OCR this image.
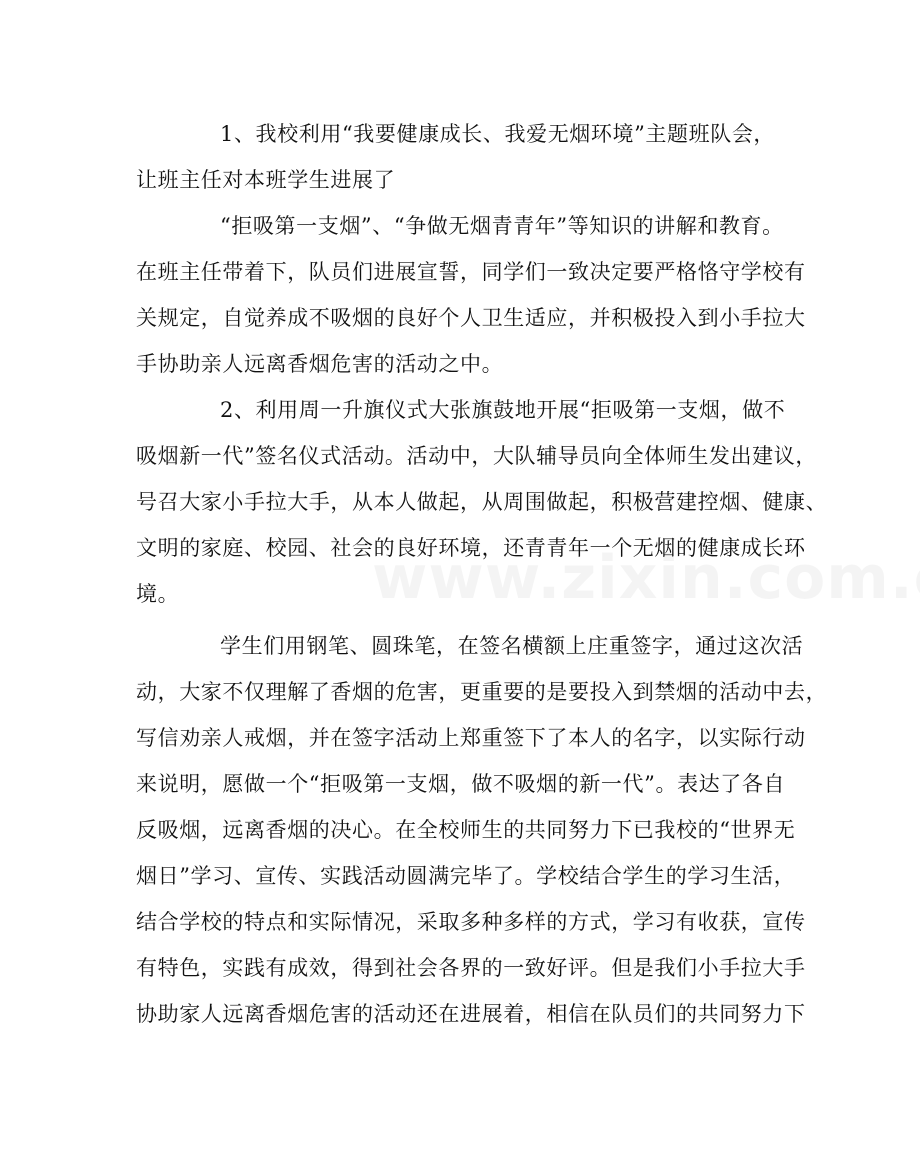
1、我校利用“我要健康成长、我爱无烟环境”主题班队会，
让班主任对本班学生进展了
“拒吸第一支烟”、“争做无烟青青年”等知识的讲解和教育。
在班主任带着下，队员们进展宣誓，同学们一致决定要严格恪守学校有
关规定，自觉养成不吸烟的良好个人卫生适应，并积极投入到小手拉大
手协助亲人远离香烟危害的活动之中。
2、利用周一升旗仪式大张旗鼓地开展“拒吸第一支烟，做不
吸烟新一代”签名仪式活动。活动中，大队辅导员向全体师生发出建议，
号召大家小手拉大手，从本人做起，从周围做起，积极营建控烟、健康、
文明的家庭、校园、社会的良好环境，还青青年一个无烟的健康成长环
境。
学生们用钢笔、圆珠笔，在签名横额上庄重签字，通过这次活
动，大家不仅理解了香烟的危害，更重要的是要投入到禁烟的活动中去，
写信劝亲人戒烟，并在签字活动上郑重签下了本人的名字，以实际行动
来说明，愿做一个“拒吸第一支烟，做不吸烟的新一代”。表达了各自
反吸烟，远离香烟的决心。在全校师生的共同努力下已我校的“世界无
烟日”学习、宣传、实践活动圆满完毕了。学校结合学生的学习生活，
结合学校的特点和实际情况，采取多种多样的方式，学习有收获，宣传
有特色，实践有成效，得到社会各界的一致好评。但是我们小手拉大手
协助家人远离香烟危害的活动还在进展着，相信在队员们的共同努力下
